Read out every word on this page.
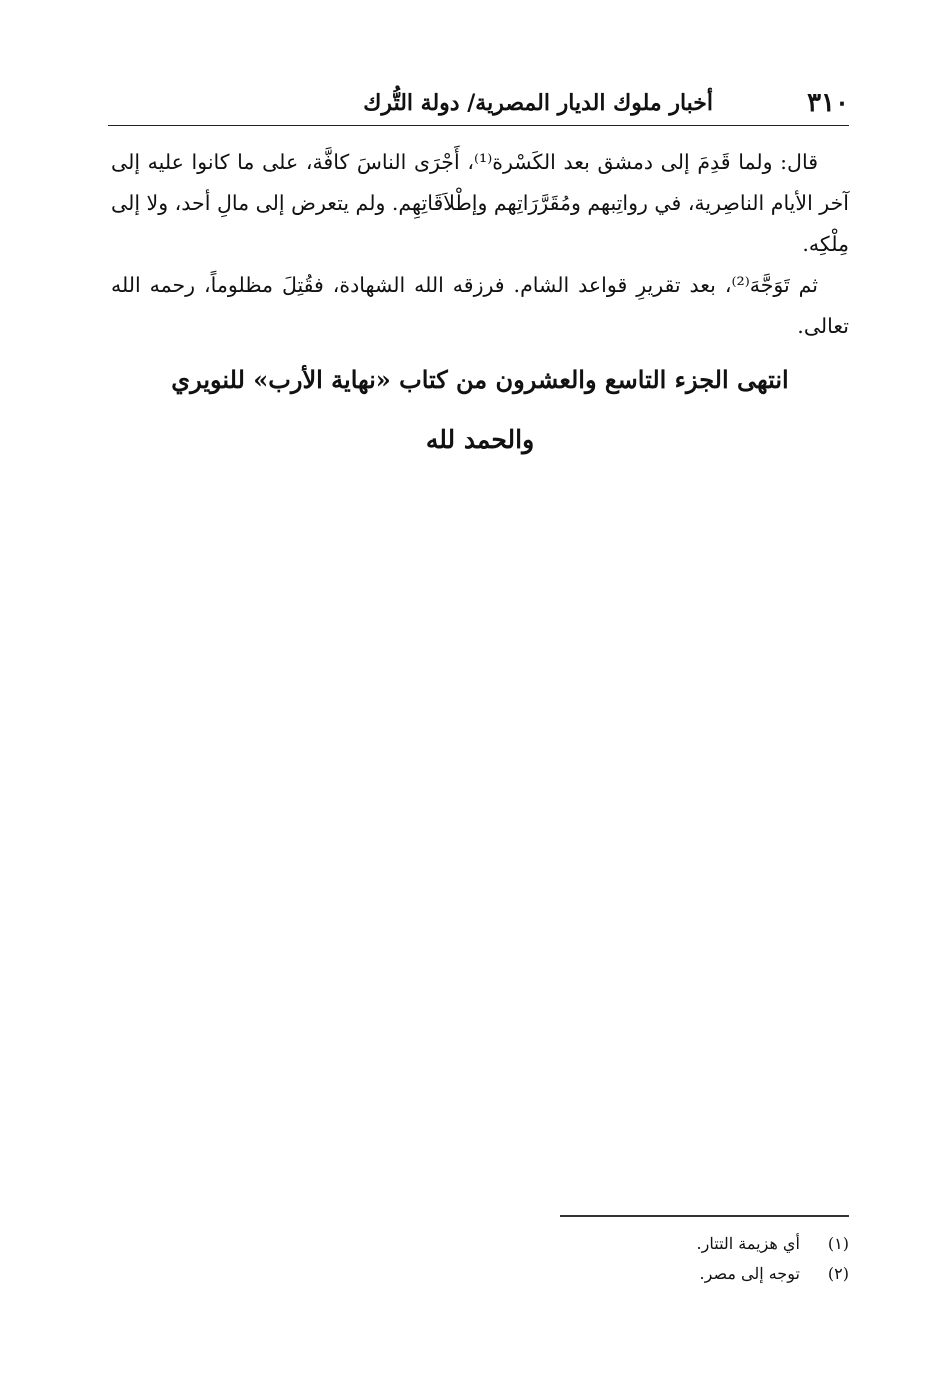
٣١٠
أخبار ملوك الديار المصرية/ دولة التُّرك

قال: ولما قَدِمَ إلى دمشق بعد الكَسْرة⁽¹⁾، أَجْرَى الناسَ كافَّة، على ما كانوا عليه إلى آخر الأيام الناصِرية، في رواتِبهم ومُقَرَّرَاتِهم وإطْلاَقَاتِهِم. ولم يتعرض إلى مالِ أحد، ولا إلى مِلْكِه.

ثم تَوَجَّهَ⁽²⁾، بعد تقريرِ قواعد الشام. فرزقه الله الشهادة، فقُتِلَ مظلوماً، رحمه الله تعالى.

انتهى الجزء التاسع والعشرون من كتاب «نهاية الأرب» للنويري
والحمد لله

(١) أي هزيمة التتار.

(٢) توجه إلى مصر.
